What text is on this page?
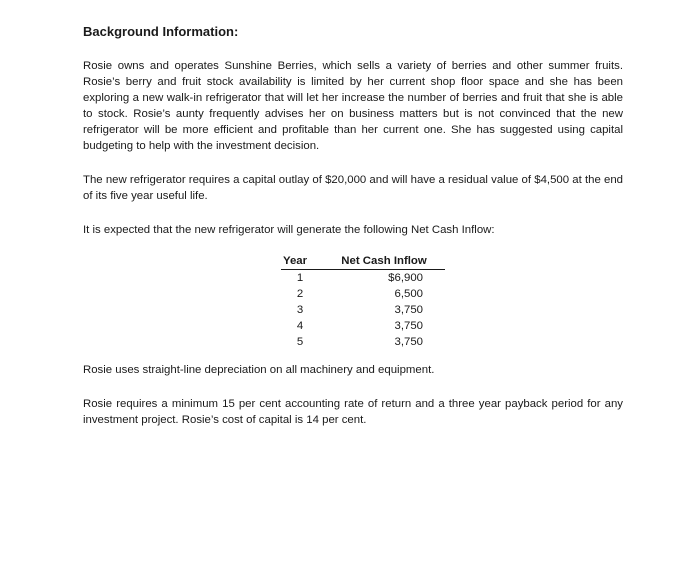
Background Information:

Rosie owns and operates Sunshine Berries, which sells a variety of berries and other summer fruits. Rosie’s berry and fruit stock availability is limited by her current shop floor space and she has been exploring a new walk-in refrigerator that will let her increase the number of berries and fruit that she is able to stock. Rosie’s aunty frequently advises her on business matters but is not convinced that the new refrigerator will be more efficient and profitable than her current one. She has suggested using capital budgeting to help with the investment decision.

The new refrigerator requires a capital outlay of $20,000 and will have a residual value of $4,500 at the end of its five year useful life.

It is expected that the new refrigerator will generate the following Net Cash Inflow:

Year	Net Cash Inflow
1	$6,900
2	6,500
3	3,750
4	3,750
5	3,750

Rosie uses straight-line depreciation on all machinery and equipment.

Rosie requires a minimum 15 per cent accounting rate of return and a three year payback period for any investment project. Rosie’s cost of capital is 14 per cent.
